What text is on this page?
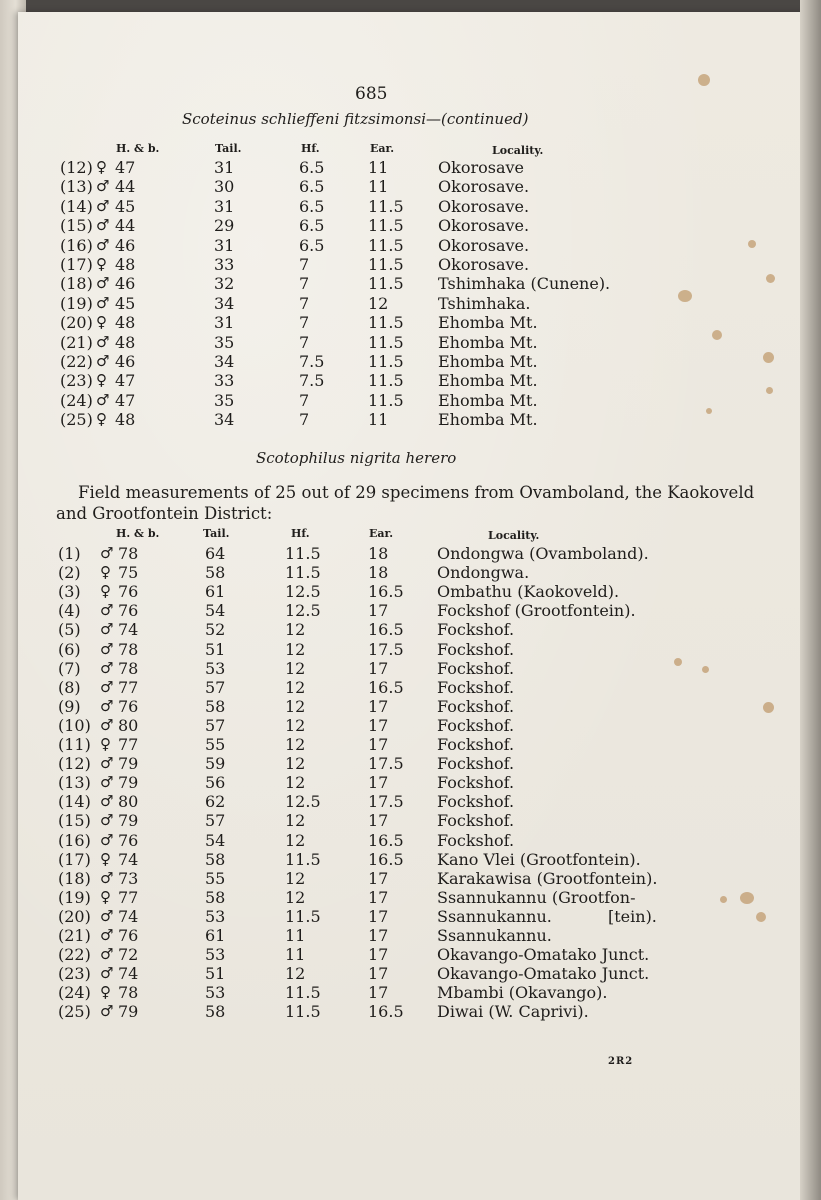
685
Scoteinus schlieffeni fitzsimonsi—(continued)
H. & b.	Tail.	Hf.	Ear.	Locality.
(12) ♀ 47	31	6.5	11	Okorosave
(13) ♂ 44	30	6.5	11	Okorosave.
(14) ♂ 45	31	6.5	11.5 Okorosave.
(15) ♂ 44	29	6.5	11.5 Okorosave.
(16) ♂ 46	31	6.5	11.5 Okorosave.
(17) ♀ 48	33	7	11.5 Okorosave.
(18) ♂ 46	32	7	11.5 Tshimhaka (Cunene).
(19) ♂ 45	34	7	12	Tshimhaka.
(20) ♀ 48	31	7	11.5 Ehomba Mt.
(21) ♂ 48	35	7	11.5 Ehomba Mt.
(22) ♂ 46	34	7.5	11.5 Ehomba Mt.
(23) ♀ 47	33	7.5	11.5 Ehomba Mt.
(24) ♂ 47	35	7	11.5 Ehomba Mt.
(25) ♀ 48	34	7	11	Ehomba Mt.
Scotophilus nigrita herero
Field measurements of 25 out of 29 specimens from Ovamboland, the Kaokoveld and Grootfontein District:
H. & b.	Tail.	Hf.	Ear.	Locality.
(1) ♂ 78	64	11.5	18	Ondongwa (Ovamboland).
(2) ♀ 75	58	11.5	18	Ondongwa.
(3) ♀ 76	61	12.5	16.5 Ombathu (Kaokoveld).
(4) ♂ 76	54	12.5	17	Fockshof (Grootfontein).
(5) ♂ 74	52	12	16.5 Fockshof.
(6) ♂ 78	51	12	17.5 Fockshof.
(7) ♂ 78	53	12	17	Fockshof.
(8) ♂ 77	57	12	16.5 Fockshof.
(9) ♂ 76	58	12	17	Fockshof.
(10) ♂ 80	57	12	17	Fockshof.
(11) ♀ 77	55	12	17	Fockshof.
(12) ♂ 79	59	12	17.5 Fockshof.
(13) ♂ 79	56	12	17	Fockshof.
(14) ♂ 80	62	12.5	17.5 Fockshof.
(15) ♂ 79	57	12	17	Fockshof.
(16) ♂ 76	54	12	16.5 Fockshof.
(17) ♀ 74	58	11.5	16.5 Kano Vlei (Grootfontein).
(18) ♂ 73	55	12	17	Karakawisa (Grootfontein).
(19) ♀ 77	58	12	17	Ssannukannu (Grootfon-
(20) ♂ 74	53	11.5	17	Ssannukannu.	[tein).
(21) ♂ 76	61	11	17	Ssannukannu.
(22) ♂ 72	53	11	17	Okavango-Omatako Junct.
(23) ♂ 74	51	12	17	Okavango-Omatako Junct.
(24) ♀ 78	53	11.5	17	Mbambi (Okavango).
(25) ♂ 79	58	11.5	16.5 Diwai (W. Caprivi).
2R2
